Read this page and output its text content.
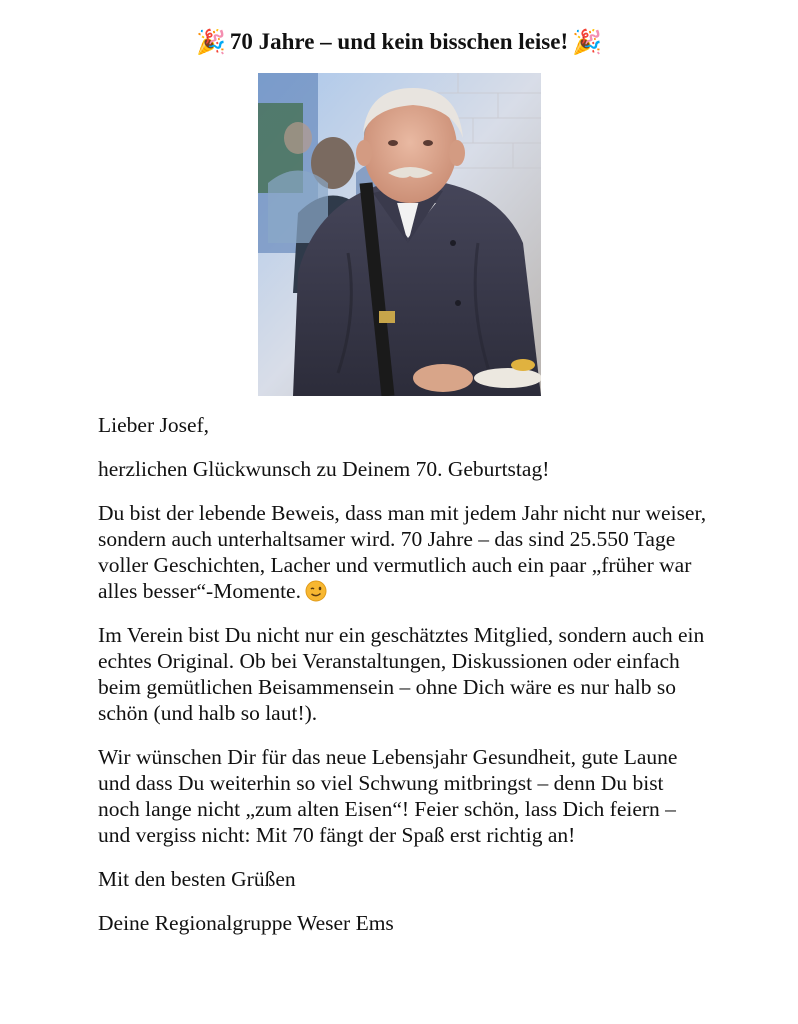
🎉 70 Jahre – und kein bisschen leise! 🎉

Lieber Josef,

herzlichen Glückwunsch zu Deinem 70. Geburtstag!

Du bist der lebende Beweis, dass man mit jedem Jahr nicht nur weiser, sondern auch unterhaltsamer wird. 70 Jahre – das sind 25.550 Tage voller Geschichten, Lacher und vermutlich auch ein paar „früher war alles besser“-Momente.

Im Verein bist Du nicht nur ein geschätztes Mitglied, sondern auch ein echtes Original. Ob bei Veranstaltungen, Diskussionen oder einfach beim gemütlichen Beisammensein – ohne Dich wäre es nur halb so schön (und halb so laut!).

Wir wünschen Dir für das neue Lebensjahr Gesundheit, gute Laune und dass Du weiterhin so viel Schwung mitbringst – denn Du bist noch lange nicht „zum alten Eisen“! Feier schön, lass Dich feiern – und vergiss nicht: Mit 70 fängt der Spaß erst richtig an!

Mit den besten Grüßen

Deine Regionalgruppe Weser Ems
